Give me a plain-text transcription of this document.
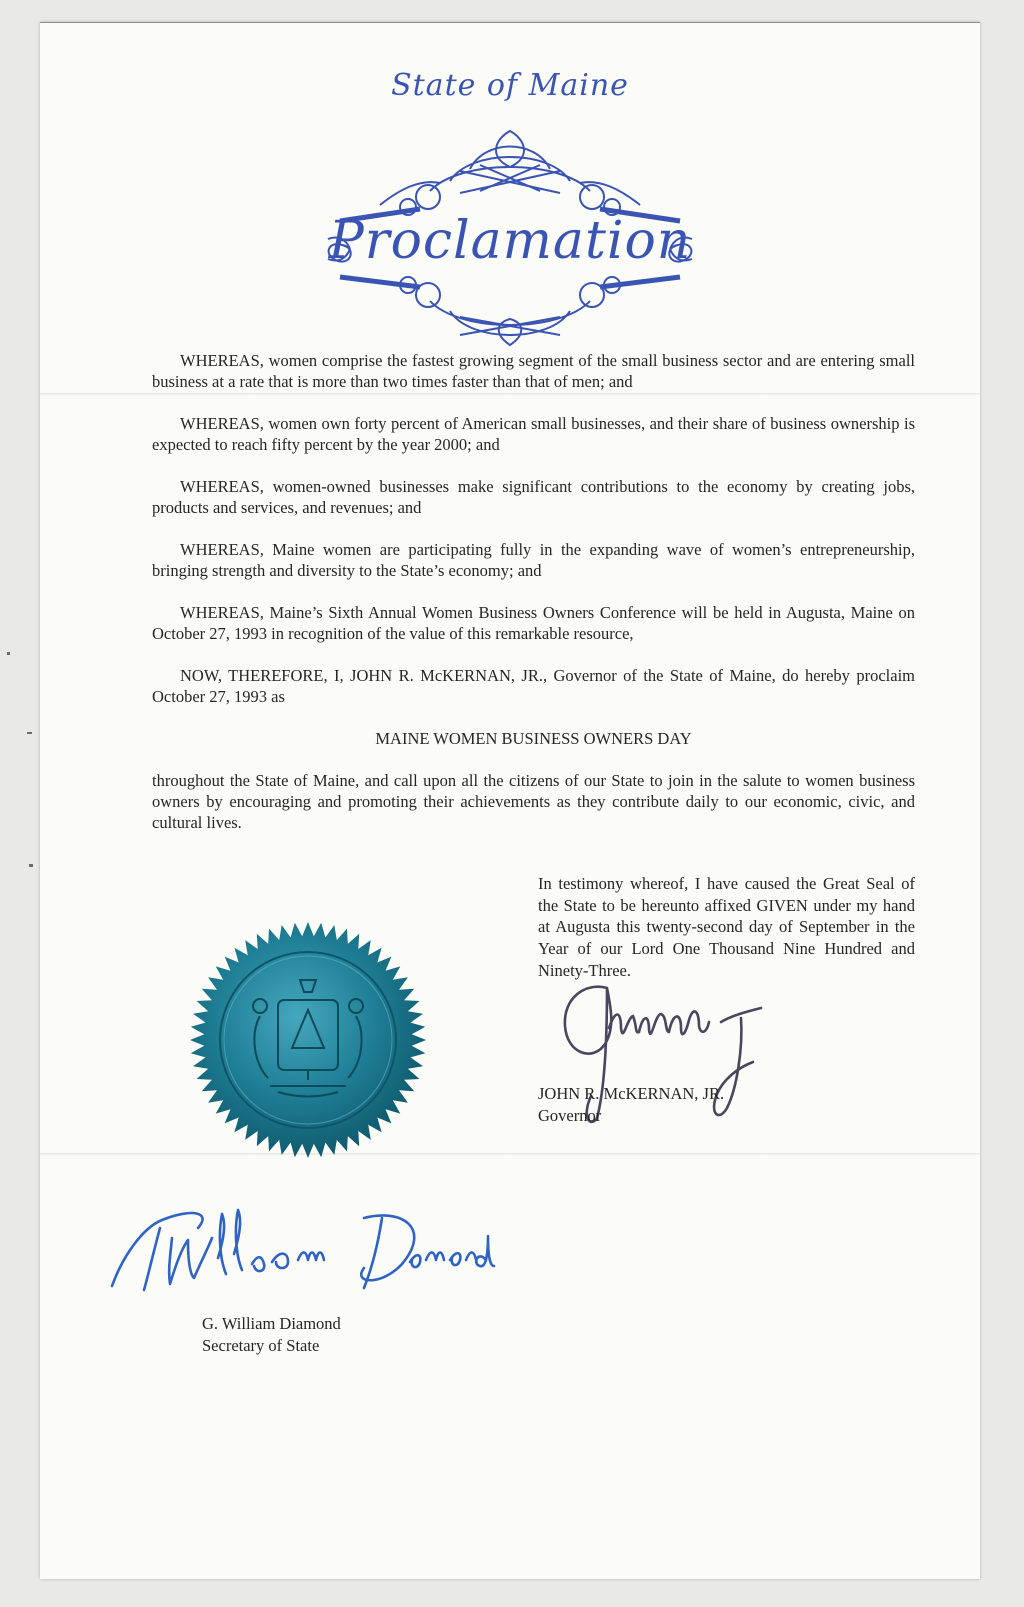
State of Maine
Proclamation

WHEREAS, women comprise the fastest growing segment of the small business sector and are entering small business at a rate that is more than two times faster than that of men; and

WHEREAS, women own forty percent of American small businesses, and their share of business ownership is expected to reach fifty percent by the year 2000; and

WHEREAS, women-owned businesses make significant contributions to the economy by creating jobs, products and services, and revenues; and

WHEREAS, Maine women are participating fully in the expanding wave of women’s entrepreneurship, bringing strength and diversity to the State’s economy; and

WHEREAS, Maine’s Sixth Annual Women Business Owners Conference will be held in Augusta, Maine on October 27, 1993 in recognition of the value of this remarkable resource,

NOW, THEREFORE, I, JOHN R. McKERNAN, JR., Governor of the State of Maine, do hereby proclaim October 27, 1993 as

MAINE WOMEN BUSINESS OWNERS DAY

throughout the State of Maine, and call upon all the citizens of our State to join in the salute to women business owners by encouraging and promoting their achievements as they contribute daily to our economic, civic, and cultural lives.

In testimony whereof, I have caused the Great Seal of the State to be hereunto affixed GIVEN under my hand at Augusta this twenty-second day of September in the Year of our Lord One Thousand Nine Hundred and Ninety-Three.
JOHN R. McKERNAN, JR.
Governor
G. William Diamond
Secretary of State
